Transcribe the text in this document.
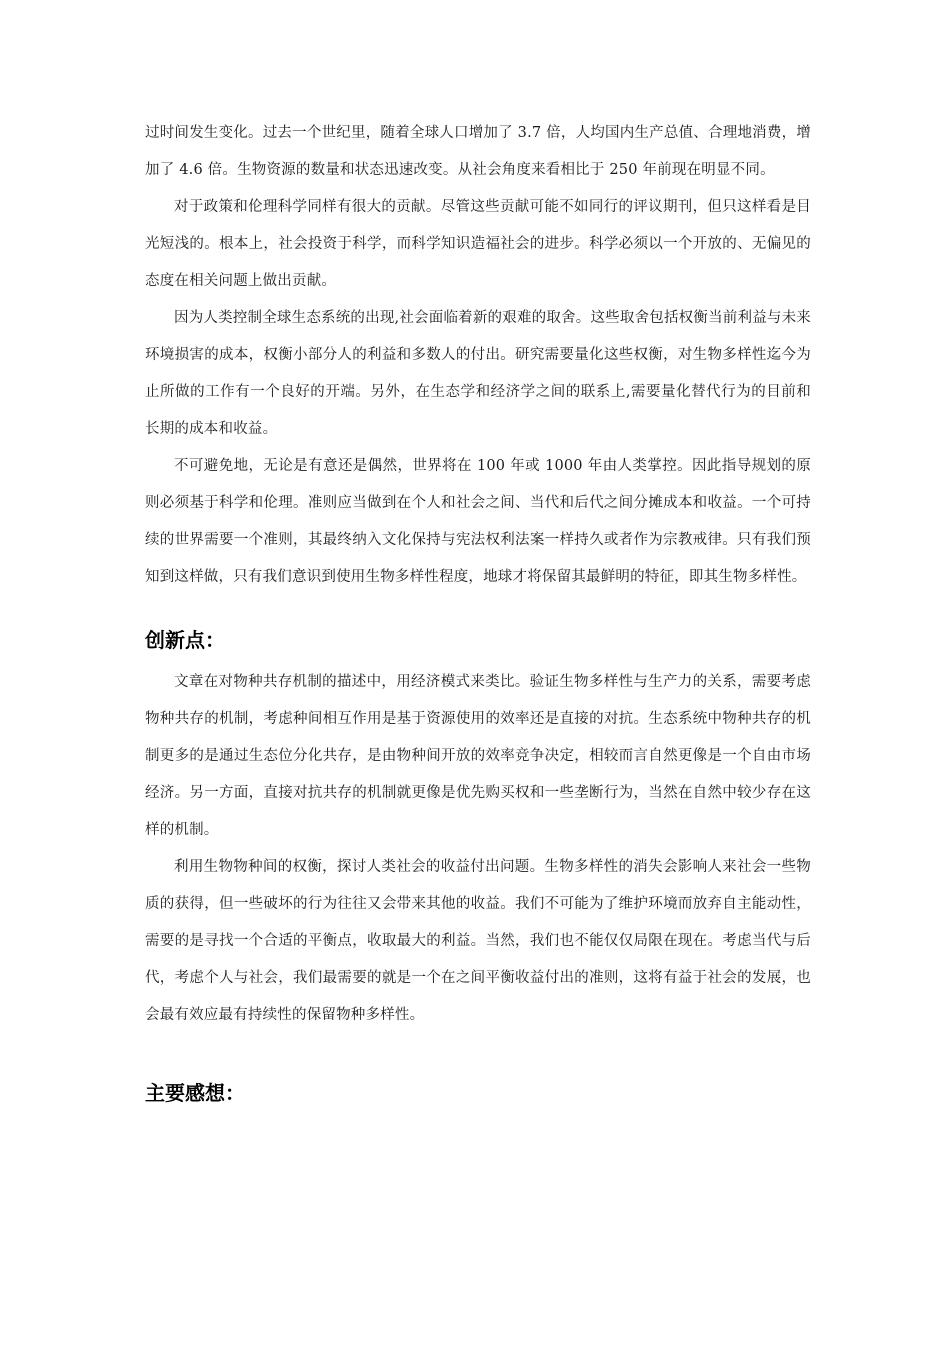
过时间发生变化。过去一个世纪里，随着全球人口增加了 3.7 倍，人均国内生产总值、合理地消费，增加了 4.6 倍。生物资源的数量和状态迅速改变。从社会角度来看相比于 250 年前现在明显不同。

对于政策和伦理科学同样有很大的贡献。尽管这些贡献可能不如同行的评议期刊，但只这样看是目光短浅的。根本上，社会投资于科学，而科学知识造福社会的进步。科学必须以一个开放的、无偏见的态度在相关问题上做出贡献。

因为人类控制全球生态系统的出现,社会面临着新的艰难的取舍。这些取舍包括权衡当前利益与未来环境损害的成本，权衡小部分人的利益和多数人的付出。研究需要量化这些权衡，对生物多样性迄今为止所做的工作有一个良好的开端。另外，在生态学和经济学之间的联系上,需要量化替代行为的目前和长期的成本和收益。

不可避免地，无论是有意还是偶然，世界将在 100 年或 1000 年由人类掌控。因此指导规划的原则必须基于科学和伦理。准则应当做到在个人和社会之间、当代和后代之间分摊成本和收益。一个可持续的世界需要一个准则，其最终纳入文化保持与宪法权利法案一样持久或者作为宗教戒律。只有我们预知到这样做，只有我们意识到使用生物多样性程度，地球才将保留其最鲜明的特征，即其生物多样性。

创新点：

文章在对物种共存机制的描述中，用经济模式来类比。验证生物多样性与生产力的关系，需要考虑物种共存的机制，考虑种间相互作用是基于资源使用的效率还是直接的对抗。生态系统中物种共存的机制更多的是通过生态位分化共存，是由物种间开放的效率竞争决定，相较而言自然更像是一个自由市场经济。另一方面，直接对抗共存的机制就更像是优先购买权和一些垄断行为，当然在自然中较少存在这样的机制。

利用生物物种间的权衡，探讨人类社会的收益付出问题。生物多样性的消失会影响人来社会一些物质的获得，但一些破坏的行为往往又会带来其他的收益。我们不可能为了维护环境而放弃自主能动性，需要的是寻找一个合适的平衡点，收取最大的利益。当然，我们也不能仅仅局限在现在。考虑当代与后代，考虑个人与社会，我们最需要的就是一个在之间平衡收益付出的准则，这将有益于社会的发展，也会最有效应最有持续性的保留物种多样性。

主要感想：
